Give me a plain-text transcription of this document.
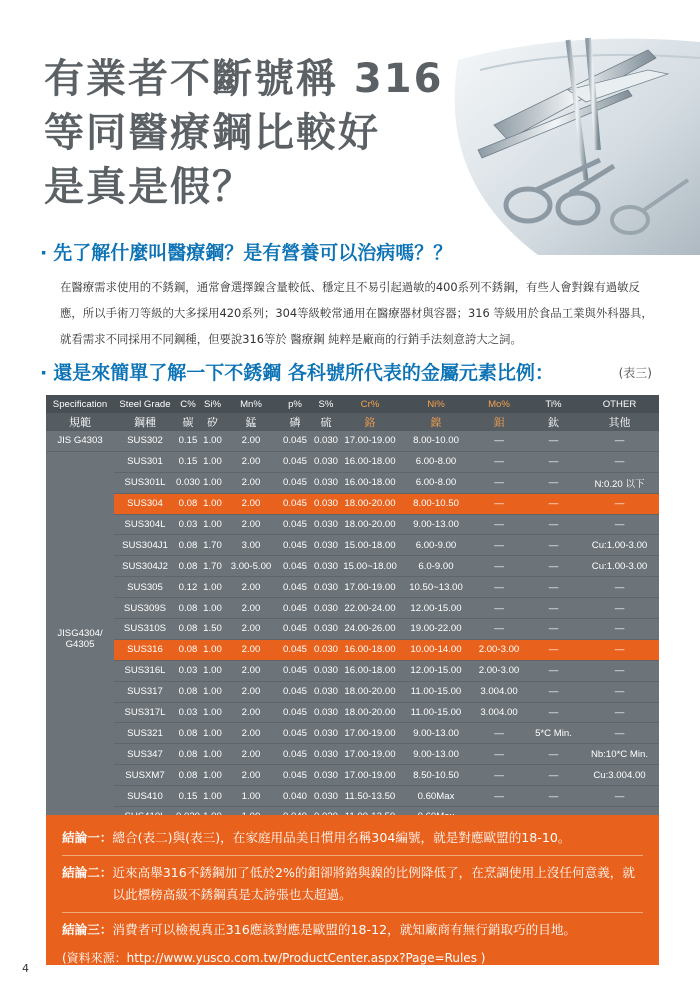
有業者不斷號稱 316
等同醫療鋼比較好
是真是假？
· 先了解什麼叫醫療鋼？是有營養可以治病嗎？？

在醫療需求使用的不銹鋼，通常會選擇鎳含量較低、穩定且不易引起過敏的400系列不銹鋼，有些人會對鎳有過敏反應，所以手術刀等級的大多採用420系列；304等級較常通用在醫療器材與容器；316 等級用於食品工業與外科器具，就看需求不同採用不同鋼種，但要說316等於 醫療鋼 純粹是廠商的行銷手法刻意誇大之詞。

· 還是來簡單了解一下不銹鋼 各科號所代表的金屬元素比例：	(表三)
Specification	Steel Grade	C%	Si%	Mn%	p%	S%	Cr%	Ni%	Mo%	Ti%	OTHER
規範	鋼種	碳	矽	錳	磷	硫	鉻	鎳	鉬	鈦	其他
JIS G4303	SUS302	0.15	1.00	2.00	0.045	0.030	17.00-19.00	8.00-10.00	—	—	—

JISG4304/
G4305	SUS301	0.15	1.00	2.00	0.045	0.030	16.00-18.00	6.00-8.00	—	—	—
	SUS301L	0.030	1.00	2.00	0.045	0.030	16.00-18.00	6.00-8.00	—	—	N:0.20 以下
	SUS304	0.08	1.00	2.00	0.045	0.030	18.00-20.00	8.00-10.50	—	—	—
	SUS304L	0.03	1.00	2.00	0.045	0.030	18.00-20.00	9.00-13.00	—	—	—
	SUS304J1	0.08	1.70	3.00	0.045	0.030	15.00-18.00	6.00-9.00	—	—	Cu:1.00-3.00
	SUS304J2	0.08	1.70	3.00-5.00	0.045	0.030	15.00~18.00	6.0-9.00	—	—	Cu:1.00-3.00
	SUS305	0.12	1.00	2.00	0.045	0.030	17.00-19.00	10.50~13.00	—	—	—
	SUS309S	0.08	1.00	2.00	0.045	0.030	22.00-24.00	12.00-15.00	—	—	—
	SUS310S	0.08	1.50	2.00	0.045	0.030	24.00-26.00	19.00-22.00	—	—	—
	SUS316	0.08	1.00	2.00	0.045	0.030	16.00-18.00	10.00-14.00	2.00-3.00	—	—
	SUS316L	0.03	1.00	2.00	0.045	0.030	16.00-18.00	12.00-15.00	2.00-3.00	—	—
	SUS317	0.08	1.00	2.00	0.045	0.030	18.00-20.00	11.00-15.00	3.004.00	—	—
	SUS317L	0.03	1.00	2.00	0.045	0.030	18.00-20.00	11.00-15.00	3.004.00	—	—
	SUS321	0.08	1.00	2.00	0.045	0.030	17.00-19.00	9.00-13.00	—	5*C Min.	—
	SUS347	0.08	1.00	2.00	0.045	0.030	17.00-19.00	9.00-13.00	—	—	Nb:10*C Min.
	SUSXM7	0.08	1.00	2.00	0.045	0.030	17.00-19.00	8.50-10.50	—	—	Cu:3.004.00
	SUS410	0.15	1.00	1.00	0.040	0.030	11.50-13.50	0.60Max	—	—	—

結論一： 總合(表二)與(表三)，在家庭用品美日慣用名稱304編號，就是對應歐盟的18-10。
結論二： 近來高舉316不銹鋼加了低於2%的鉬卻將鉻與鎳的比例降低了，在烹調使用上沒任何意義，就以此標榜高級不銹鋼真是太誇張也太超過。
結論三： 消費者可以檢視真正316應該對應是歐盟的18-12，就知廠商有無行銷取巧的目地。
(資料來源：http://www.yusco.com.tw/ProductCenter.aspx?Page=Rules )
4
